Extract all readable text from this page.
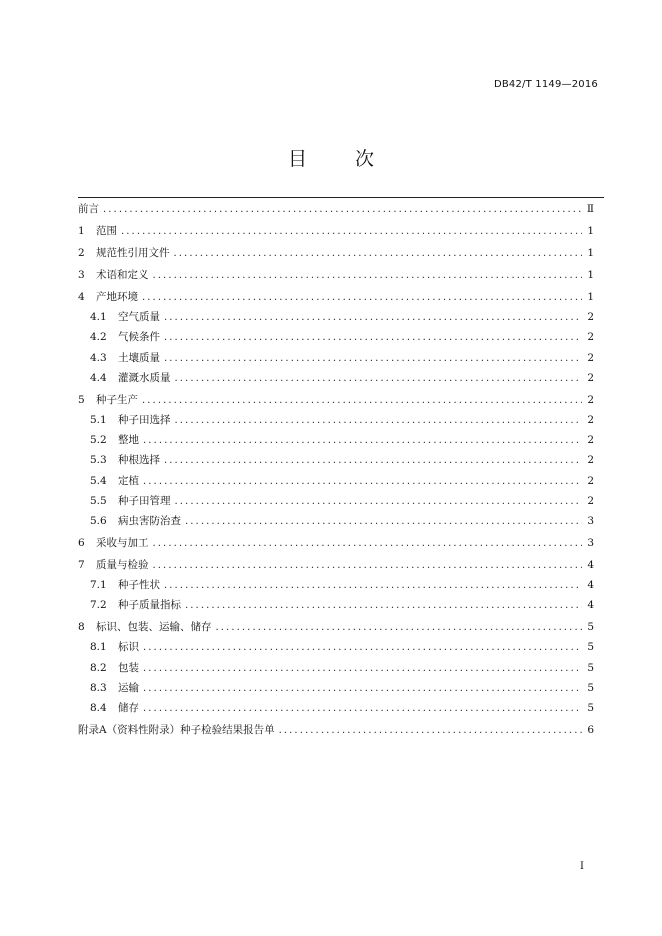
DB42/T 1149—2016
目	次
前言 .....	Ⅱ
1	范围 .....	1
2	规范性引用文件 .....	1
3	术语和定义 .....	1
4	产地环境 .....	1
4.1	空气质量 .....	2
4.2	气候条件 .....	2
4.3	土壤质量 .....	2
4.4	灌溉水质量 .....	2
5	种子生产 .....	2
5.1	种子田选择 .....	2
5.2	整地 .....	2
5.3	种根选择 .....	2
5.4	定植 .....	2
5.5	种子田管理 .....	2
5.6	病虫害防治查 .....	3
6	采收与加工 .....	3
7	质量与检验 .....	4
7.1	种子性状 .....	4
7.2	种子质量指标 .....	4
8	标识、包装、运输、储存 .....	5
8.1	标识 .....	5
8.2	包装 .....	5
8.3	运输 .....	5
8.4	储存 .....	5
附录A（资料性附录）种子检验结果报告单 .....	6
I
